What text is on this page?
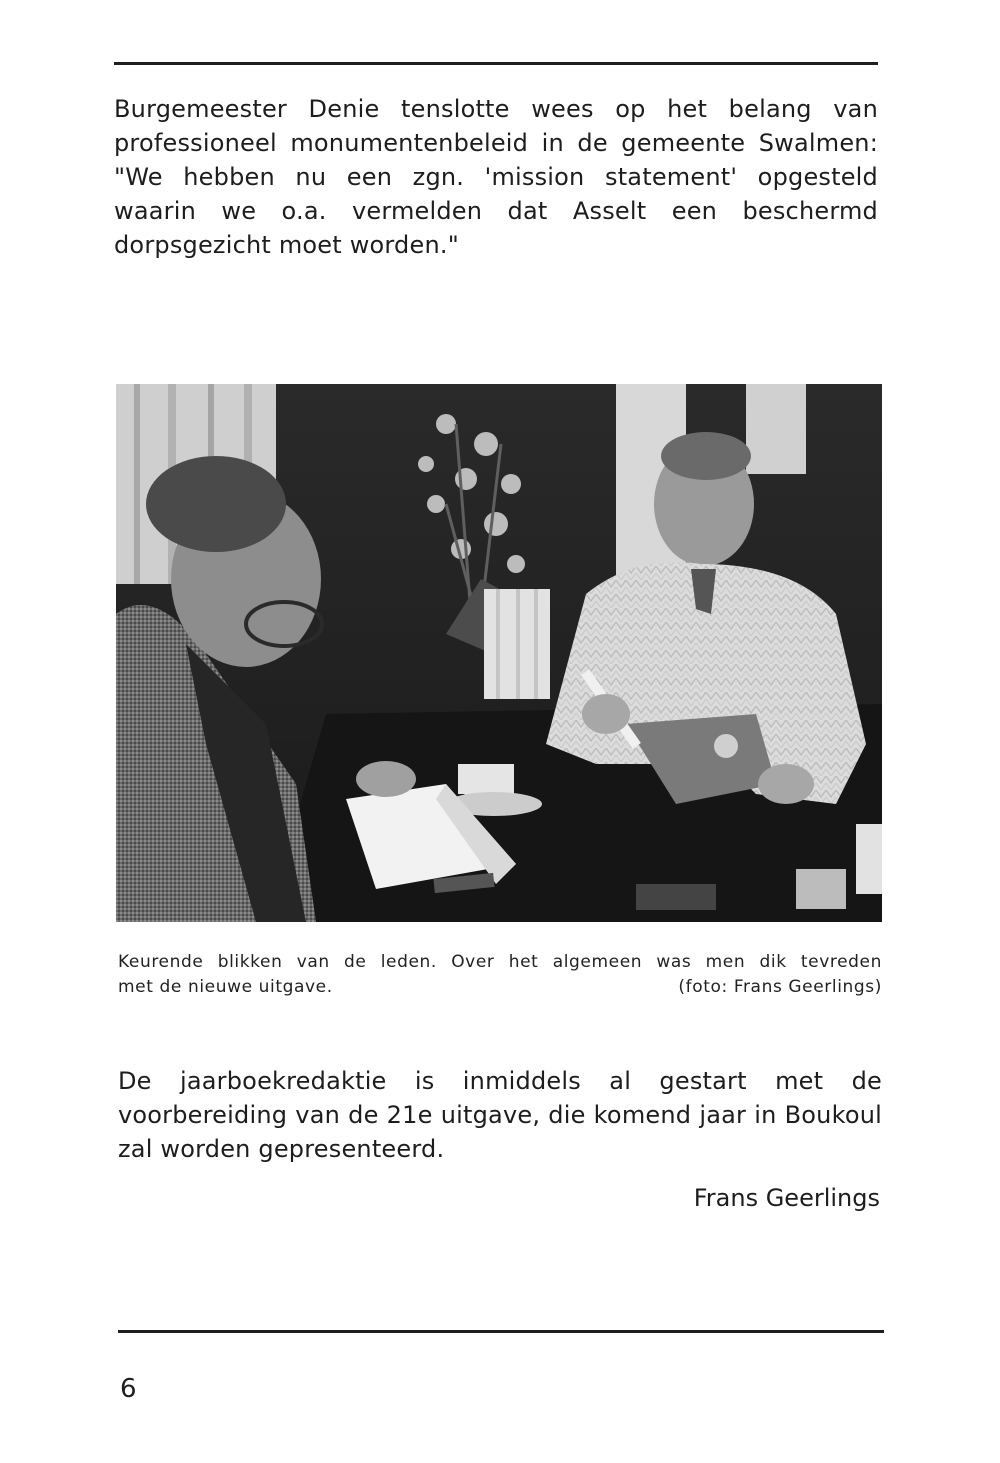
Burgemeester Denie tenslotte wees op het belang van professioneel monumentenbeleid in de gemeente Swalmen: "We hebben nu een zgn. 'mission statement' opgesteld waarin we o.a. vermelden dat Asselt een beschermd dorpsgezicht moet worden."

Keurende blikken van de leden. Over het algemeen was men dik tevreden
met de nieuwe uitgave.	(foto: Frans Geerlings)

De jaarboekredaktie is inmiddels al gestart met de voorbereiding van de 21e uitgave, die komend jaar in Boukoul zal worden gepresenteerd.

Frans Geerlings
6
